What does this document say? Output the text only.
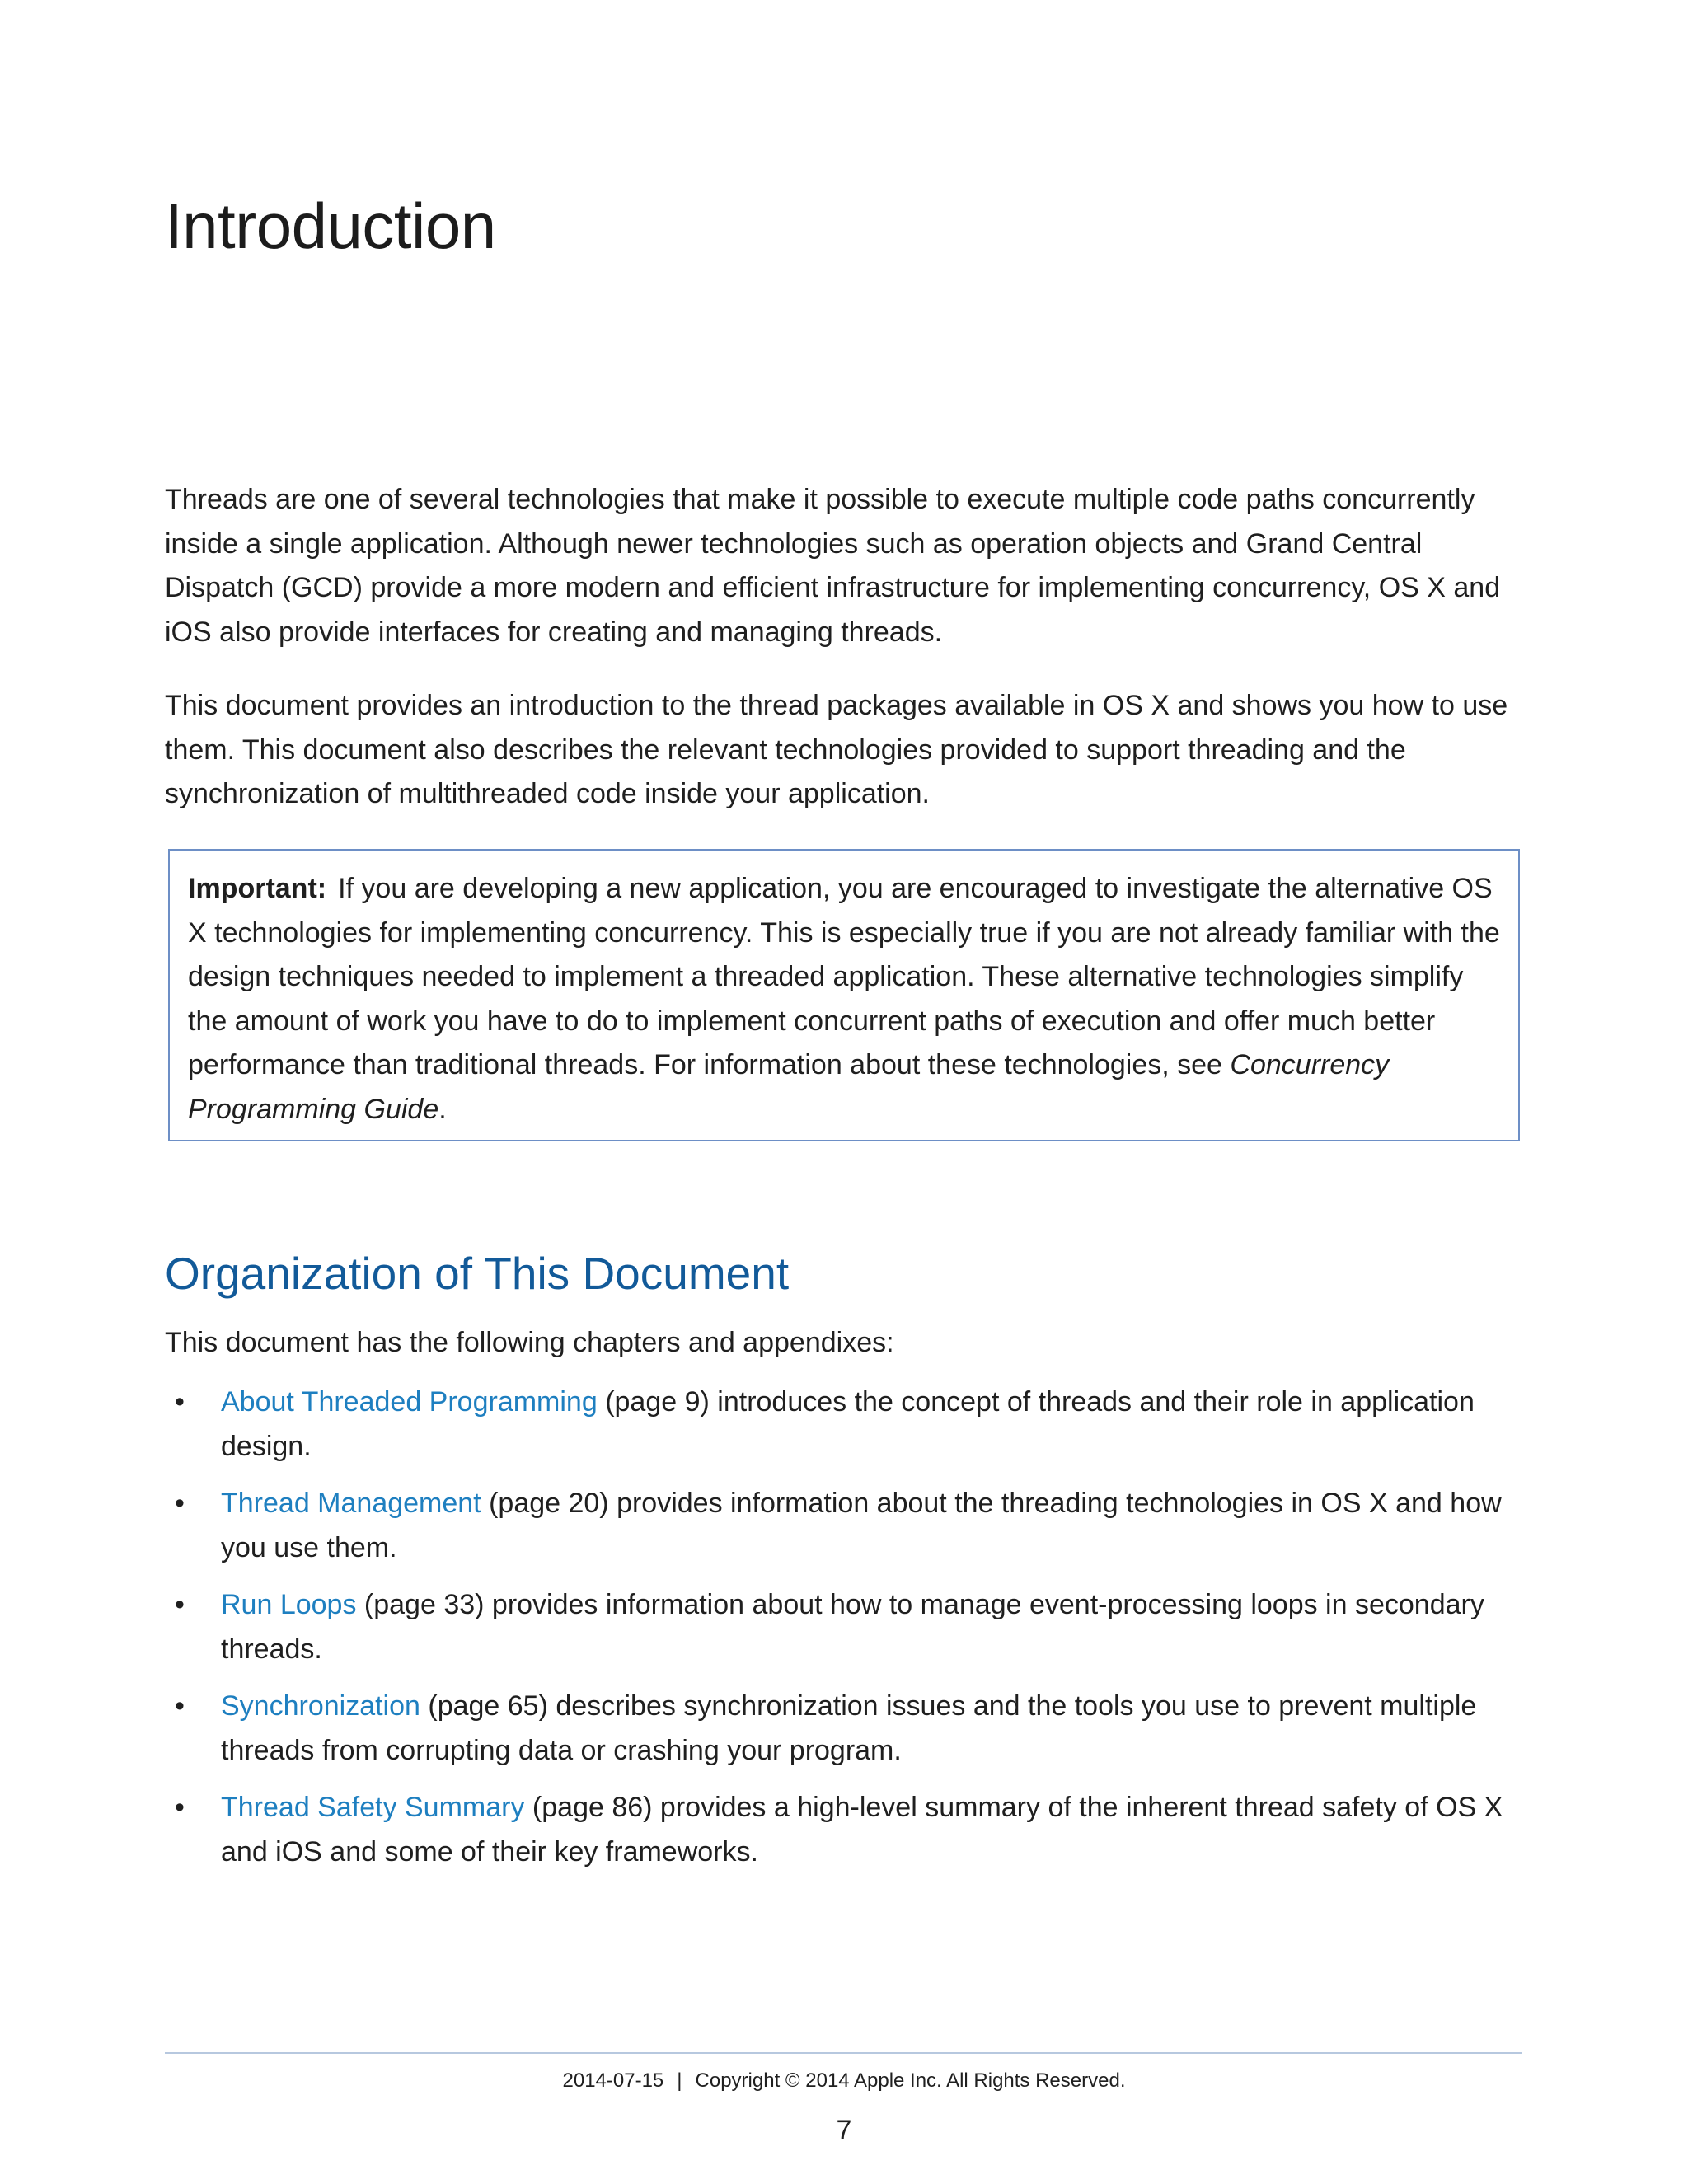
Introduction

Threads are one of several technologies that make it possible to execute multiple code paths concurrently inside a single application. Although newer technologies such as operation objects and Grand Central Dispatch (GCD) provide a more modern and efficient infrastructure for implementing concurrency, OS X and iOS also provide interfaces for creating and managing threads.

This document provides an introduction to the thread packages available in OS X and shows you how to use them. This document also describes the relevant technologies provided to support threading and the synchronization of multithreaded code inside your application.

Important: If you are developing a new application, you are encouraged to investigate the alternative OS X technologies for implementing concurrency. This is especially true if you are not already familiar with the design techniques needed to implement a threaded application. These alternative technologies simplify the amount of work you have to do to implement concurrent paths of execution and offer much better performance than traditional threads. For information about these technologies, see Concurrency Programming Guide.

Organization of This Document

This document has the following chapters and appendixes:

• About Threaded Programming (page 9) introduces the concept of threads and their role in application design.
• Thread Management (page 20) provides information about the threading technologies in OS X and how you use them.
• Run Loops (page 33) provides information about how to manage event-processing loops in secondary threads.
• Synchronization (page 65) describes synchronization issues and the tools you use to prevent multiple threads from corrupting data or crashing your program.
• Thread Safety Summary (page 86) provides a high-level summary of the inherent thread safety of OS X and iOS and some of their key frameworks.
2014-07-15 | Copyright © 2014 Apple Inc. All Rights Reserved.
7
